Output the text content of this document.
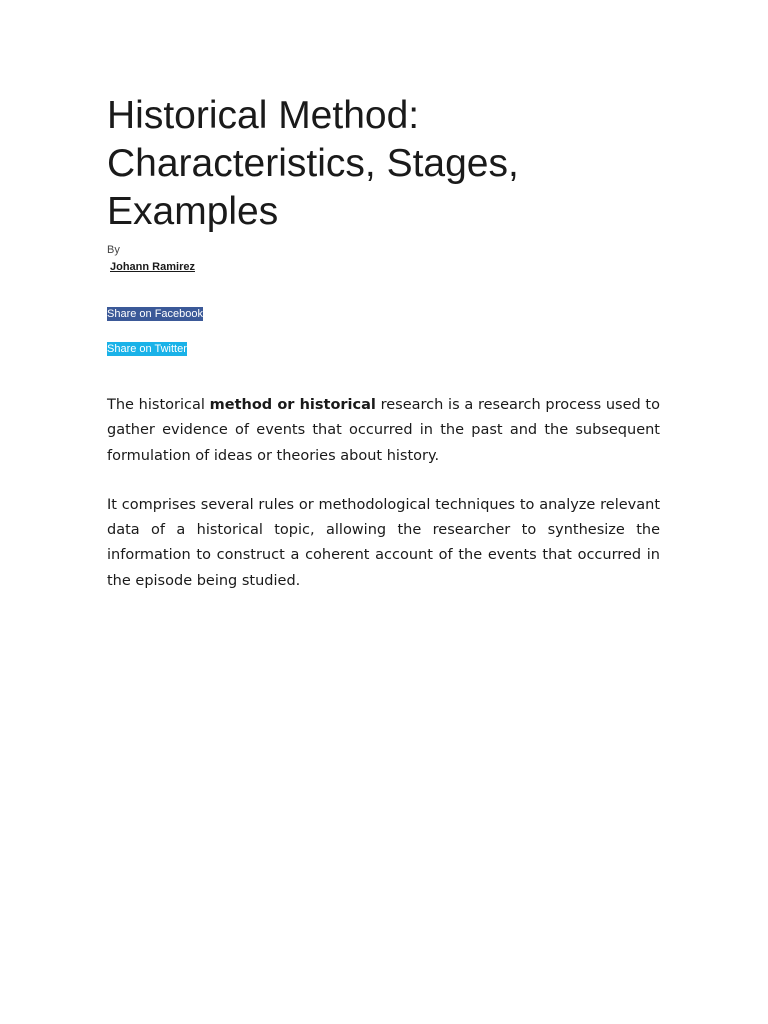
Historical Method: Characteristics, Stages, Examples
By
Johann Ramirez
Share on Facebook
Share on Twitter

The historical method or historical research is a research process used to gather evidence of events that occurred in the past and the subsequent formulation of ideas or theories about history.

It comprises several rules or methodological techniques to analyze relevant data of a historical topic, allowing the researcher to synthesize the information to construct a coherent account of the events that occurred in the episode being studied.
